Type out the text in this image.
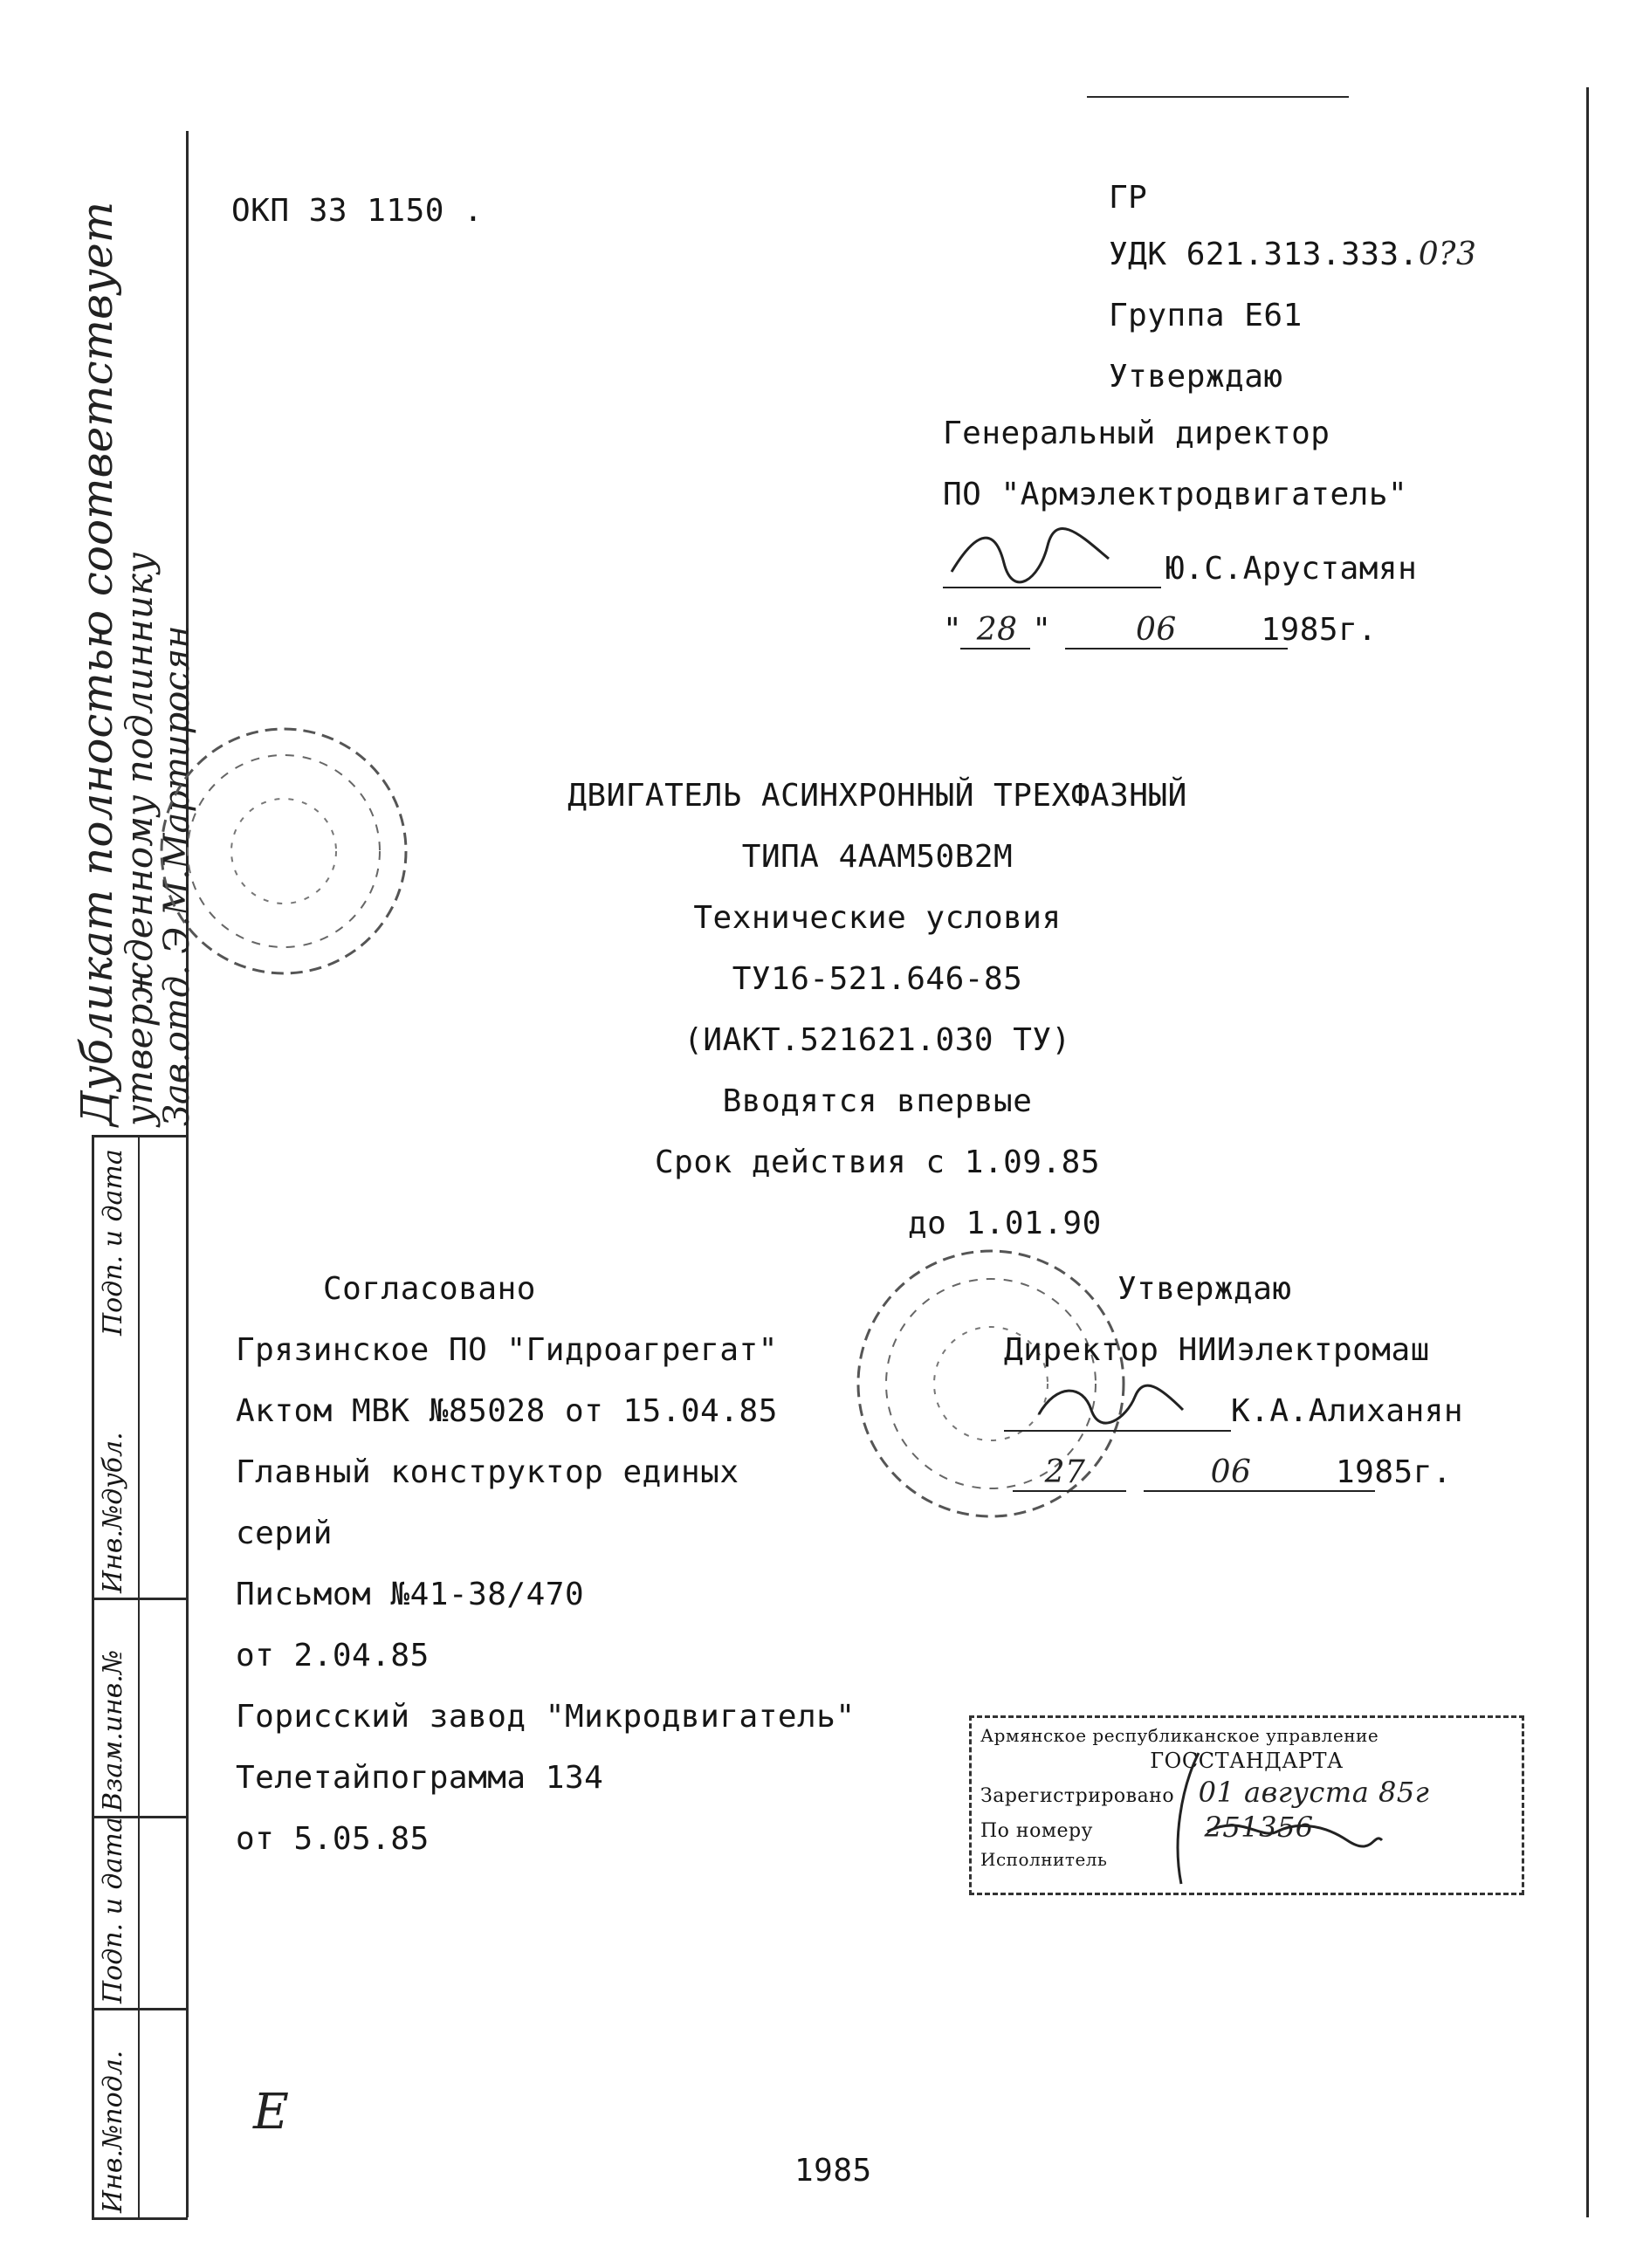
Инв.№подл.
Подп. и дата
Взам.инв.№
Инв.№дубл.
Подп. и дата
Дубликат полностью соответствует
утвержденному подлиннику
Зав.отд. Э.М.Мартиросян
ОКП 33 1150 .	ГР
УДК 621.313.333.0?3
Группа Е61
Утверждаю
Генеральный директор
ПО "Армэлектродвигатель"
Ю.С.Арустамян
" 28 "	06	1985г.
ДВИГАТЕЛЬ АСИНХРОННЫЙ ТРЕХФАЗНЫЙ
ТИПА 4ААМ50В2М
Технические условия
ТУ16-521.646-85
(ИАКТ.521621.030 ТУ)
Вводятся впервые
Срок действия с 1.09.85
до 1.01.90
Согласовано
Грязинское ПО "Гидроагрегат"
Актом МВК №85028 от 15.04.85
Главный конструктор единых
серий
Письмом №41-38/470
от 2.04.85
Горисский завод "Микродвигатель"
Телетайпограмма 134
от 5.05.85
Утверждаю
Директор НИИэлектромаш
К.А.Алиханян
27	06	1985г.
Армянское республиканское управление
ГОССТАНДАРТА
Зарегистрировано 01 августа 85г
По номеру	251356
Исполнитель
Е
1985
